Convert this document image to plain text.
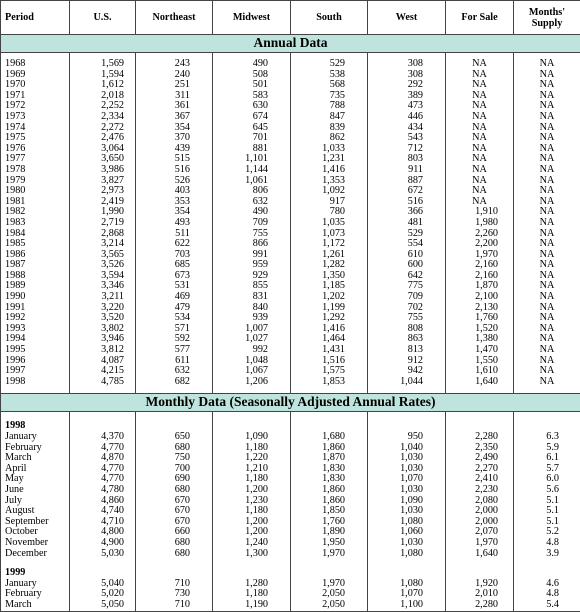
Period	U.S.	Northeast	Midwest	South	West	For Sale	Months'
Supply
Annual Data							

1968	1,569	243	490	529	308	NA	NA
1969	1,594	240	508	538	308	NA	NA
1970	1,612	251	501	568	292	NA	NA
1971	2,018	311	583	735	389	NA	NA
1972	2,252	361	630	788	473	NA	NA
1973	2,334	367	674	847	446	NA	NA
1974	2,272	354	645	839	434	NA	NA
1975	2,476	370	701	862	543	NA	NA
1976	3,064	439	881	1,033	712	NA	NA
1977	3,650	515	1,101	1,231	803	NA	NA
1978	3,986	516	1,144	1,416	911	NA	NA
1979	3,827	526	1,061	1,353	887	NA	NA
1980	2,973	403	806	1,092	672	NA	NA
1981	2,419	353	632	917	516	NA	NA
1982	1,990	354	490	780	366	1,910	NA
1983	2,719	493	709	1,035	481	1,980	NA
1984	2,868	511	755	1,073	529	2,260	NA
1985	3,214	622	866	1,172	554	2,200	NA
1986	3,565	703	991	1,261	610	1,970	NA
1987	3,526	685	959	1,282	600	2,160	NA
1988	3,594	673	929	1,350	642	2,160	NA
1989	3,346	531	855	1,185	775	1,870	NA
1990	3,211	469	831	1,202	709	2,100	NA
1991	3,220	479	840	1,199	702	2,130	NA
1992	3,520	534	939	1,292	755	1,760	NA
1993	3,802	571	1,007	1,416	808	1,520	NA
1994	3,946	592	1,027	1,464	863	1,380	NA
1995	3,812	577	992	1,431	813	1,470	NA
1996	4,087	611	1,048	1,516	912	1,550	NA
1997	4,215	632	1,067	1,575	942	1,610	NA
1998	4,785	682	1,206	1,853	1,044	1,640	NA

Monthly Data (Seasonally Adjusted Annual Rates)							

1998							
January	4,370	650	1,090	1,680	950	2,280	6.3
February	4,770	680	1,180	1,860	1,040	2,350	5.9
March	4,870	750	1,220	1,870	1,030	2,490	6.1
April	4,770	700	1,210	1,830	1,030	2,270	5.7
May	4,770	690	1,180	1,830	1,070	2,410	6.0
June	4,780	680	1,200	1,860	1,030	2,230	5.6
July	4,860	670	1,230	1,860	1,090	2,080	5.1
August	4,740	670	1,180	1,850	1,030	2,000	5.1
September	4,710	670	1,200	1,760	1,080	2,000	5.1
October	4,800	660	1,200	1,890	1,060	2,070	5.2
November	4,900	680	1,240	1,950	1,030	1,970	4.8
December	5,030	680	1,300	1,970	1,080	1,640	3.9

1999							
January	5,040	710	1,280	1,970	1,080	1,920	4.6
February	5,020	730	1,180	2,050	1,070	2,010	4.8
March	5,050	710	1,190	2,050	1,100	2,280	5.4
